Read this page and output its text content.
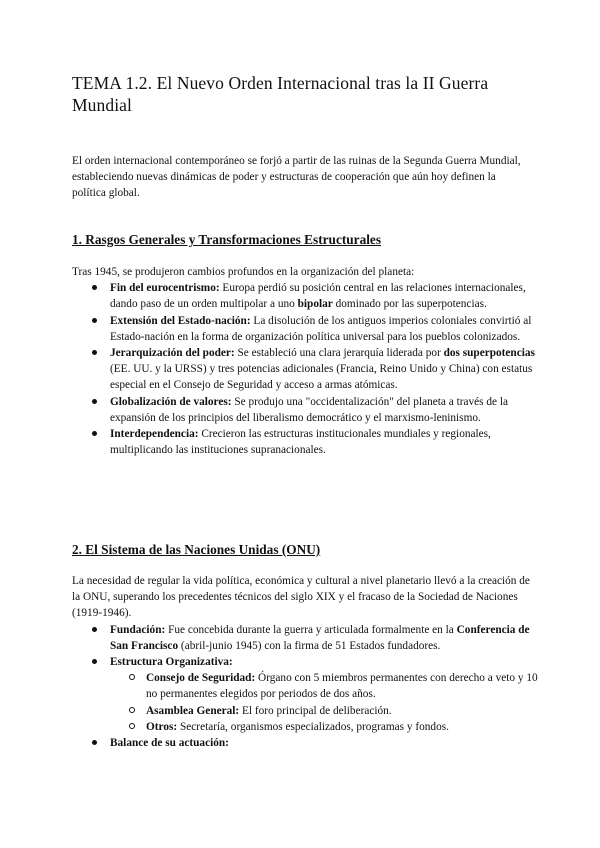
TEMA 1.2. El Nuevo Orden Internacional tras la II Guerra Mundial

El orden internacional contemporáneo se forjó a partir de las ruinas de la Segunda Guerra Mundial, estableciendo nuevas dinámicas de poder y estructuras de cooperación que aún hoy definen la política global.

1. Rasgos Generales y Transformaciones Estructurales

Tras 1945, se produjeron cambios profundos en la organización del planeta:

Fin del eurocentrismo: Europa perdió su posición central en las relaciones internacionales, dando paso de un orden multipolar a uno bipolar dominado por las superpotencias.
Extensión del Estado-nación: La disolución de los antiguos imperios coloniales convirtió al Estado-nación en la forma de organización política universal para los pueblos colonizados.
Jerarquización del poder: Se estableció una clara jerarquía liderada por dos superpotencias (EE. UU. y la URSS) y tres potencias adicionales (Francia, Reino Unido y China) con estatus especial en el Consejo de Seguridad y acceso a armas atómicas.
Globalización de valores: Se produjo una "occidentalización" del planeta a través de la expansión de los principios del liberalismo democrático y el marxismo-leninismo.
Interdependencia: Crecieron las estructuras institucionales mundiales y regionales, multiplicando las instituciones supranacionales.
2. El Sistema de las Naciones Unidas (ONU)

La necesidad de regular la vida política, económica y cultural a nivel planetario llevó a la creación de la ONU, superando los precedentes técnicos del siglo XIX y el fracaso de la Sociedad de Naciones (1919-1946).

Fundación: Fue concebida durante la guerra y articulada formalmente en la Conferencia de San Francisco (abril-junio 1945) con la firma de 51 Estados fundadores.
Estructura Organizativa:
Consejo de Seguridad: Órgano con 5 miembros permanentes con derecho a veto y 10 no permanentes elegidos por periodos de dos años.
Asamblea General: El foro principal de deliberación.
Otros: Secretaría, organismos especializados, programas y fondos.
Balance de su actuación:
